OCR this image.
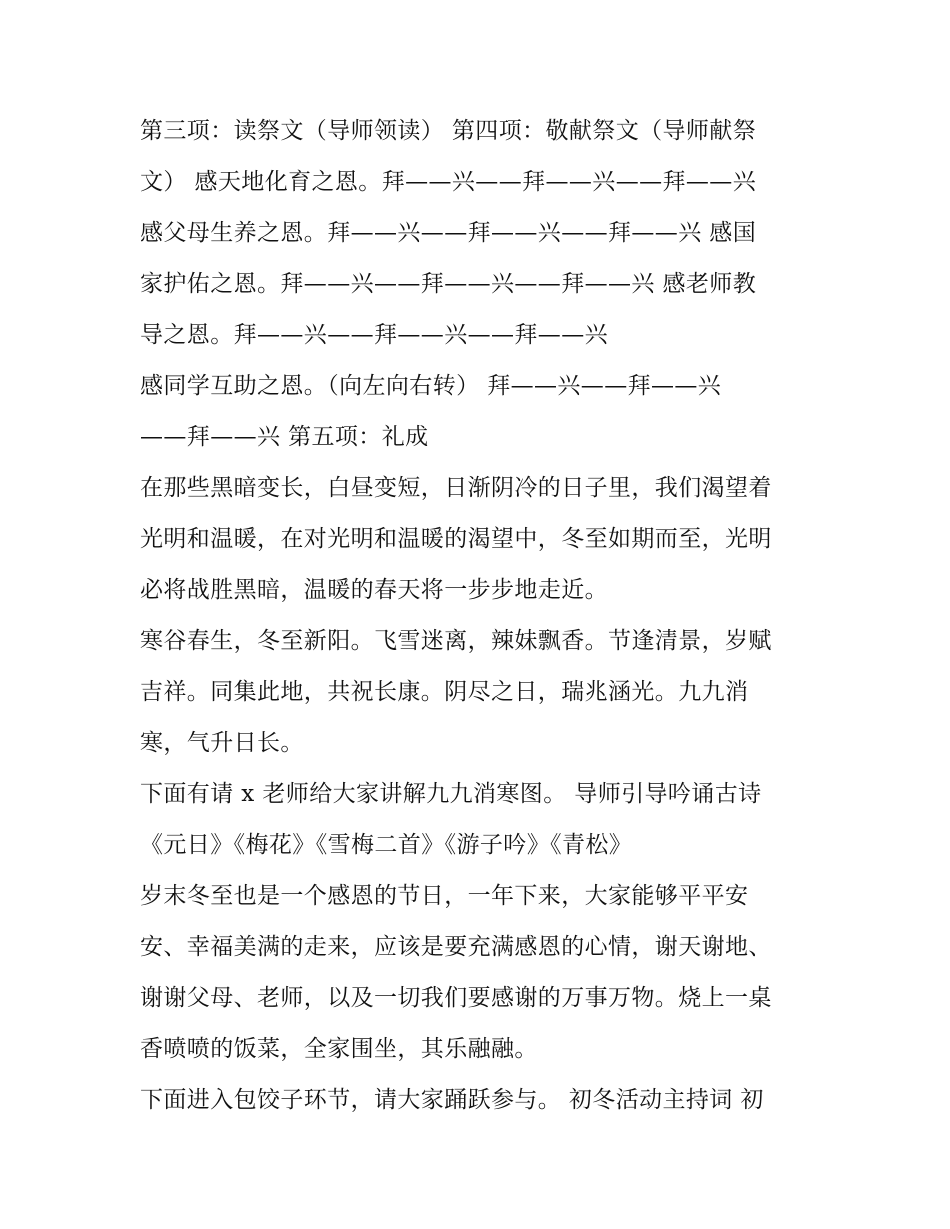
第三项：读祭文（导师领读） 第四项：敬献祭文（导师献祭

文） 感天地化育之恩。拜——兴——拜——兴——拜——兴

感父母生养之恩。拜——兴——拜——兴——拜——兴 感国

家护佑之恩。拜——兴——拜——兴——拜——兴 感老师教

导之恩。拜——兴——拜——兴——拜——兴

感同学互助之恩。（向左向右转） 拜——兴——拜——兴

——拜——兴 第五项：礼成

在那些黑暗变长，白昼变短，日渐阴冷的日子里，我们渴望着

光明和温暖，在对光明和温暖的渴望中，冬至如期而至，光明

必将战胜黑暗，温暖的春天将一步步地走近。

寒谷春生，冬至新阳。飞雪迷离，辣妹飘香。节逢清景，岁赋

吉祥。同集此地，共祝长康。阴尽之日，瑞兆涵光。九九消

寒，气升日长。

下面有请 x 老师给大家讲解九九消寒图。 导师引导吟诵古诗

《元日》《梅花》《雪梅二首》《游子吟》《青松》

岁末冬至也是一个感恩的节日，一年下来，大家能够平平安

安、幸福美满的走来，应该是要充满感恩的心情，谢天谢地、

谢谢父母、老师，以及一切我们要感谢的万事万物。烧上一桌

香喷喷的饭菜，全家围坐，其乐融融。

下面进入包饺子环节，请大家踊跃参与。 初冬活动主持词 初
